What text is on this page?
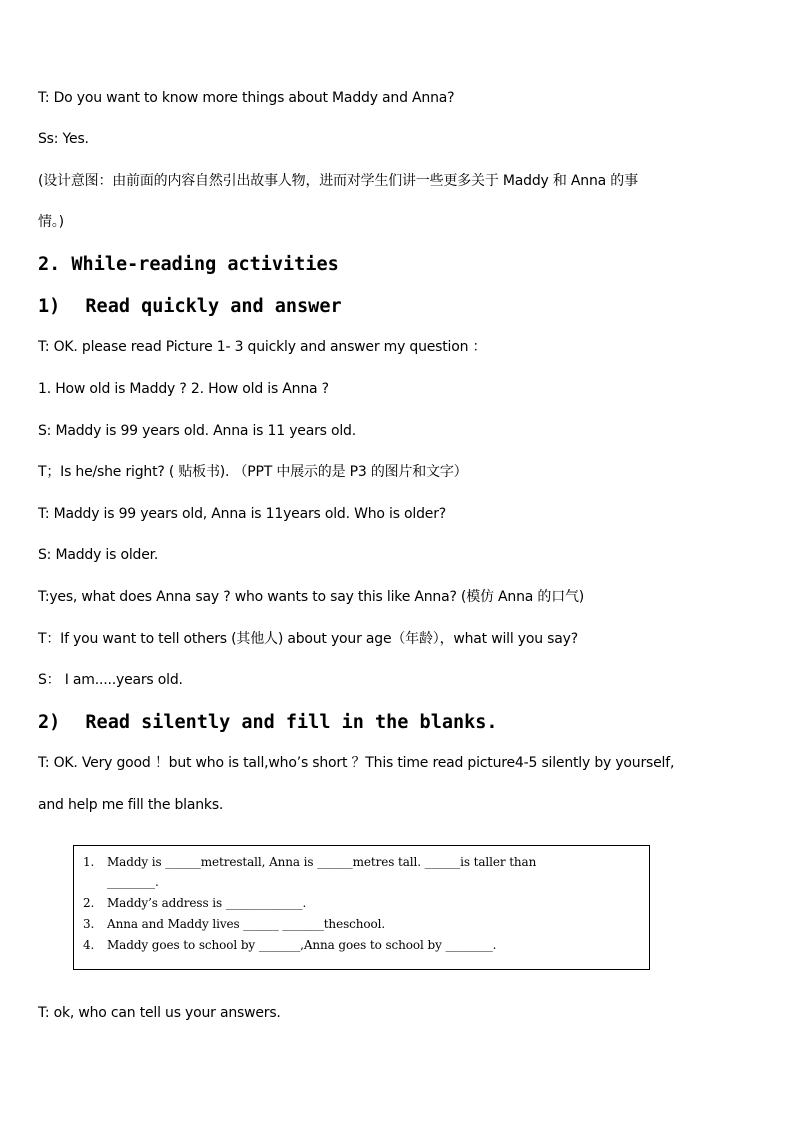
T: Do you want to know more things about Maddy and Anna?
Ss: Yes.
(设计意图：由前面的内容自然引出故事人物，进而对学生们讲一些更多关于 Maddy 和 Anna 的事
情。)
2. While-reading activities
1) Read quickly and answer
T: OK. please read Picture 1- 3 quickly and answer my question ：
1. How old is Maddy ? 2. How old is Anna ?
S: Maddy is 99 years old. Anna is 11 years old.
T；Is he/she right? ( 贴板书). （PPT 中展示的是 P3 的图片和文字）
T: Maddy is 99 years old, Anna is 11years old. Who is older?
S: Maddy is older.
T:yes, what does Anna say ? who wants to say this like Anna? (模仿 Anna 的口气)
T：If you want to tell others (其他人) about your age（年龄），what will you say?
S： I am.....years old.
2) Read silently and fill in the blanks.
T: OK. Very good ！but who is tall,who’s short ？This time read picture4-5 silently by yourself,
and help me fill the blanks.
1. Maddy is ______metrestall, Anna is ______metres tall. ______is taller than
________.
2. Maddy’s address is _____________.
3. Anna and Maddy lives ______ _______theschool.
4. Maddy goes to school by _______,Anna goes to school by ________.
T: ok, who can tell us your answers.
